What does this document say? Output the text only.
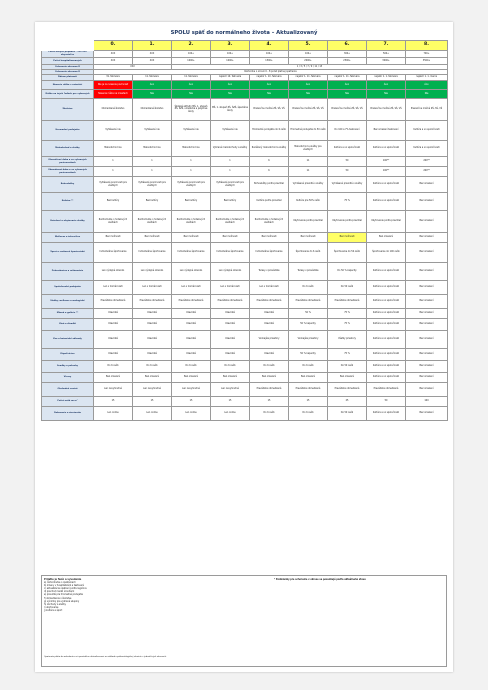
SPOLU späť do normálneho života – Aktualizovaný
	0.	1.	2.	3.	4.	5.	6.	7.	8.
Počet nových prípadov / 100 000 obyvateľov	XXX	XXX	100+	100+	100+	100+	300+	500+	700+
Počet hospitalizovaných	XXX	XXX	1000+	1000+	1500+	2000+	2500+	3000+	3500+
Ochorenie okresom R	XXX		1 / 3 / 5 / 7 / 9 / 11 / 13						
Ochorenie okresom R	Rozhodne o úrovni 0 - 8 počet platnej opatrenia								
Dátum platnosti	31. februára	11. februára	11. februára	najskôr 19. februára	najskôr 1. 10. februára	najskôr 1. 11. februára	najskôr 1. 11. februára	najskôr 1. 1. februára	najskôr 1. 1. marca
Nosenie rúška v exteriéri	Nie je na nosenie povinnosť	Áno	Áno	Áno	Áno	Áno	Áno	Áno	Áno
Rúško na iných ľuďoch pre vybraných	Nosenie rúška na miestach	Nie	Nie	Nie	Nie	Nie	Nie	Nie	Nie
Školstvo	Obmedzené školstvo	Obmedzené školstvo	Školské aktivity MŠ, 1. stupeň ZŠ, ŠZŠ, umelecké a jazykové školy	MŠ, 1. stupeň ZŠ, ŠZŠ, špeciálne školy	Prezenčne možné ZŠ, SŠ, VŠ	Prezenčne možné ZŠ, SŠ, VŠ	Prezenčne možné ZŠ, SŠ, VŠ	Prezenčne možné ZŠ, SŠ, VŠ	Prezenčne možné ZŠ, SŠ, VŠ
Hromadné podujatia	Vyhlásené nie	Vyhlásené nie	Vyhlásené nie	Vyhlásené nie	Hromadné podujatia do 6 osôb	Hromadné podujatia do 50 osôb	Do 100 a 7% testovaní	Bez omezení testovaní	Kultúra a vo spoločnosti
Maloobchod a služby	Maloobchod nie	Maloobchod nie	Maloobchod nie	Vybrané maloobchody a služby	Rozšírený maloobchod a služby	Maloobchod a služby pre všetkých	Kultúra a vo spoločnosti	Kultúra a vo spoločnosti	Kultúra a vo spoločnosti
Ohraničené doba a vo vybraných povinnostiach	1	1	1	1	6	11	50	100**	200**
Obmedzená doba a vo vybraných povinnostiach	1	1	1	1	6	11	50	100**	200**
Bohoslužby	Vyhlásené povinnosti pre všetkých	Vyhlásené povinnosti pre všetkých	Vyhlásené povinnosti pre všetkých	Vyhlásené povinnosti pre všetkých	Bohoslužby podľa pravidiel	Vyhlásené pravidlá o služby	Vyhlásené pravidlá o služby	Kultúra a vo spoločnosti	Bez omezení
Kultúra **	Bez kultúry	Bez kultúry	Bez kultúry	Bez kultúry	Kultúra podľa pravidiel	Kultúra pre 50% osôb	75 %	Kultúra a vo spoločnosti	Bez omezení
Hotelové a ubytovacie služby	Rozhodnutie o hotelových službách	Rozhodnutie o hotelových službách	Rozhodnutie o hotelových službách	Rozhodnutie o hotelových službách	Rozhodnutie o hotelových službách	Ubytovanie podľa pravidiel	Ubytovanie podľa pravidiel	Ubytovanie podľa pravidiel	Bez omezení
Wellness a telocvične	Bez možnosti	Bez možnosti	Bez možnosti	Bez možnosti	Bez možnosti	Bez možnosti	Bez možnosti	Bez omezení	Bez omezení
Šport a vnútorné športoviská	Individuálne športovanie	Individuálne športovanie	Individuálne športovanie	Individuálne športovanie	Individuálne športovanie	Športovanie do 6 osôb	Športovanie do 50 osôb	Športovanie do 100 osôb	Bez omezení
Pohostinstvo a reštaurácie	Len výdajné okienko	Len výdajné okienko	Len výdajné okienko	Len výdajné okienko	Terasy v prevádzke	Terasy v prevádzke	Do 50 % kapacity	Kultúra a vo spoločnosti	Bez omezení
Spoločenské podujatia	Len v domácnosti	Len v domácnosti	Len v domácnosti	Len v domácnosti	Len v domácnosti	Do 6 osôb	Do 50 osôb	Kultúra a vo spoločnosti	Bez omezení
Služby, wellness a zoologické	Prevádzka obmedzená	Prevádzka obmedzená	Prevádzka obmedzená	Prevádzka obmedzená	Prevádzka obmedzená	Prevádzka obmedzená	Prevádzka obmedzená	Kultúra a vo spoločnosti	Bez omezení
Múzeá a galérie **	Uzavreté	Uzavreté	Uzavreté	Uzavreté	Uzavreté	50 %	75 %	Kultúra a vo spoločnosti	Bez omezení
Kiná a divadlá	Uzavreté	Uzavreté	Uzavreté	Uzavreté	Uzavreté	50 % kapacity	75 %	Kultúra a vo spoločnosti	Bez omezení
Zoo a botanické záhrady	Uzavreté	Uzavreté	Uzavreté	Uzavreté	Vonkajšie priestory	Vonkajšie priestory	Všetky priestory	Kultúra a vo spoločnosti	Bez omezení
Kúpeľníctvo	Uzavreté	Uzavreté	Uzavreté	Uzavreté	Uzavreté	50 % kapacity	75 %	Kultúra a vo spoločnosti	Bez omezení
Svadby a pohreby	Do 6 osôb	Do 6 osôb	Do 6 osôb	Do 6 osôb	Do 6 osôb	Do 6 osôb	Do 50 osôb	Kultúra a vo spoločnosti	Bez omezení
Vírusy	Bez omezení	Bez omezení	Bez omezení	Bez omezení	Bez omezení	Bez omezení	Bez omezení	Kultúra a vo spoločnosti	Bez omezení
Obchodné centrá	Len nevyhnutné	Len nevyhnutné	Len nevyhnutné	Len nevyhnutné	Prevádzka obmedzená	Prevádzka obmedzená	Prevádzka obmedzená	Prevádzka obmedzená	Bez omezení
Počet osôb na m²	15	15	15	15	15	15	25	50	100
Rokovanie a stretnutia	Len online	Len online	Len online	Len online	Do 6 osôb	Do 6 osôb	Do 50 osôb	Kultúra a vo spoločnosti	Bez omezení
Prijatie je fazíc a vyvodenie
a) rozhodnutie o opatreniach
b) zmeny v hospitalizácii a testovaní
c) aktualizácia opatrení podľa regiónov
d) prechod medzi úrovňami
e) pravidlá pre hromadné podujatia
f) obmedzenia v školstve
g) výnimky pre vybrané skupiny
h) obchody a služby
i) ubytovanie
j) kultúra a šport
* Podmienky pre ochorenie v okrese sa posudzujú podľa aktuálneho stavu
Opatrenia platia do odvolania a sú pravidelne aktualizované na základe epidemiologickej situácie v jednotlivých okresoch.
